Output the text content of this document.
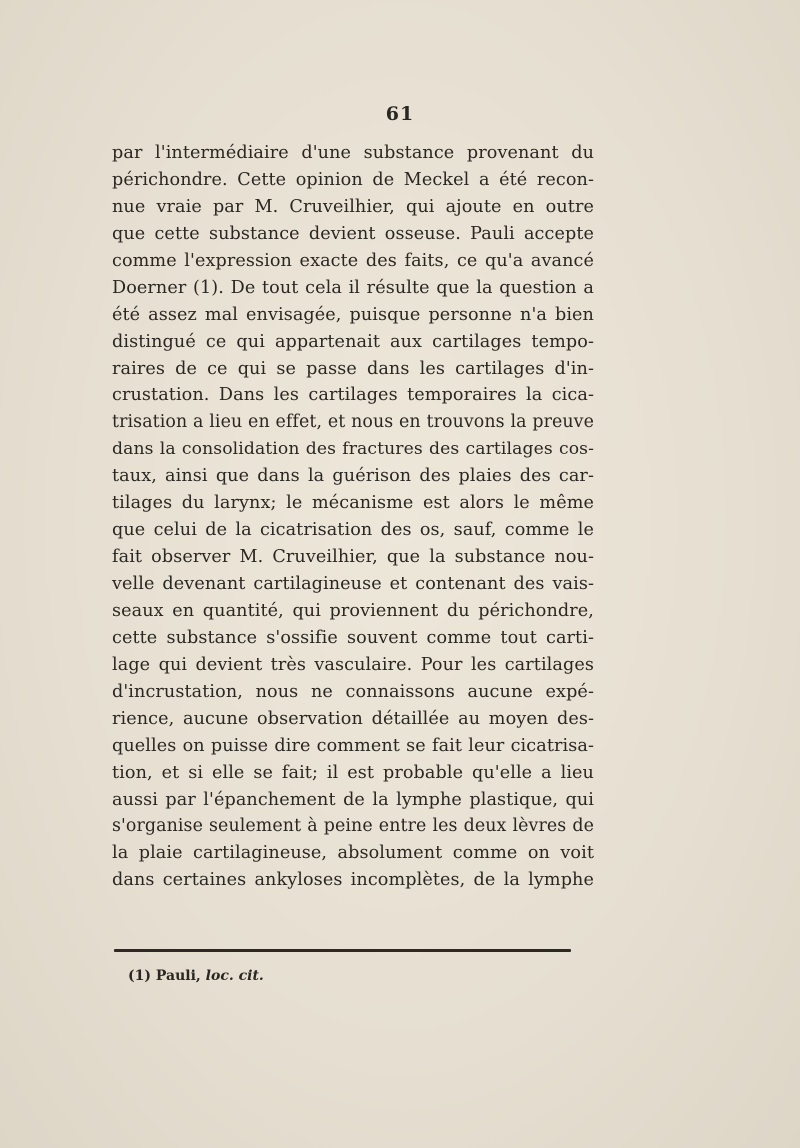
61
par l'intermédiaire d'une substance provenant du
périchondre. Cette opinion de Meckel a été recon-
nue vraie par M. Cruveilhier, qui ajoute en outre
que cette substance devient osseuse. Pauli accepte
comme l'expression exacte des faits, ce qu'a avancé
Doerner (1). De tout cela il résulte que la question a
été assez mal envisagée, puisque personne n'a bien
distingué ce qui appartenait aux cartilages tempo-
raires de ce qui se passe dans les cartilages d'in-
crustation. Dans les cartilages temporaires la cica-
trisation a lieu en effet, et nous en trouvons la preuve
dans la consolidation des fractures des cartilages cos-
taux, ainsi que dans la guérison des plaies des car-
tilages du larynx; le mécanisme est alors le même
que celui de la cicatrisation des os, sauf, comme le
fait observer M. Cruveilhier, que la substance nou-
velle devenant cartilagineuse et contenant des vais-
seaux en quantité, qui proviennent du périchondre,
cette substance s'ossifie souvent comme tout carti-
lage qui devient très vasculaire. Pour les cartilages
d'incrustation, nous ne connaissons aucune expé-
rience, aucune observation détaillée au moyen des-
quelles on puisse dire comment se fait leur cicatrisa-
tion, et si elle se fait; il est probable qu'elle a lieu
aussi par l'épanchement de la lymphe plastique, qui
s'organise seulement à peine entre les deux lèvres de
la plaie cartilagineuse, absolument comme on voit
dans certaines ankyloses incomplètes, de la lymphe
(1) Pauli, loc. cit.
